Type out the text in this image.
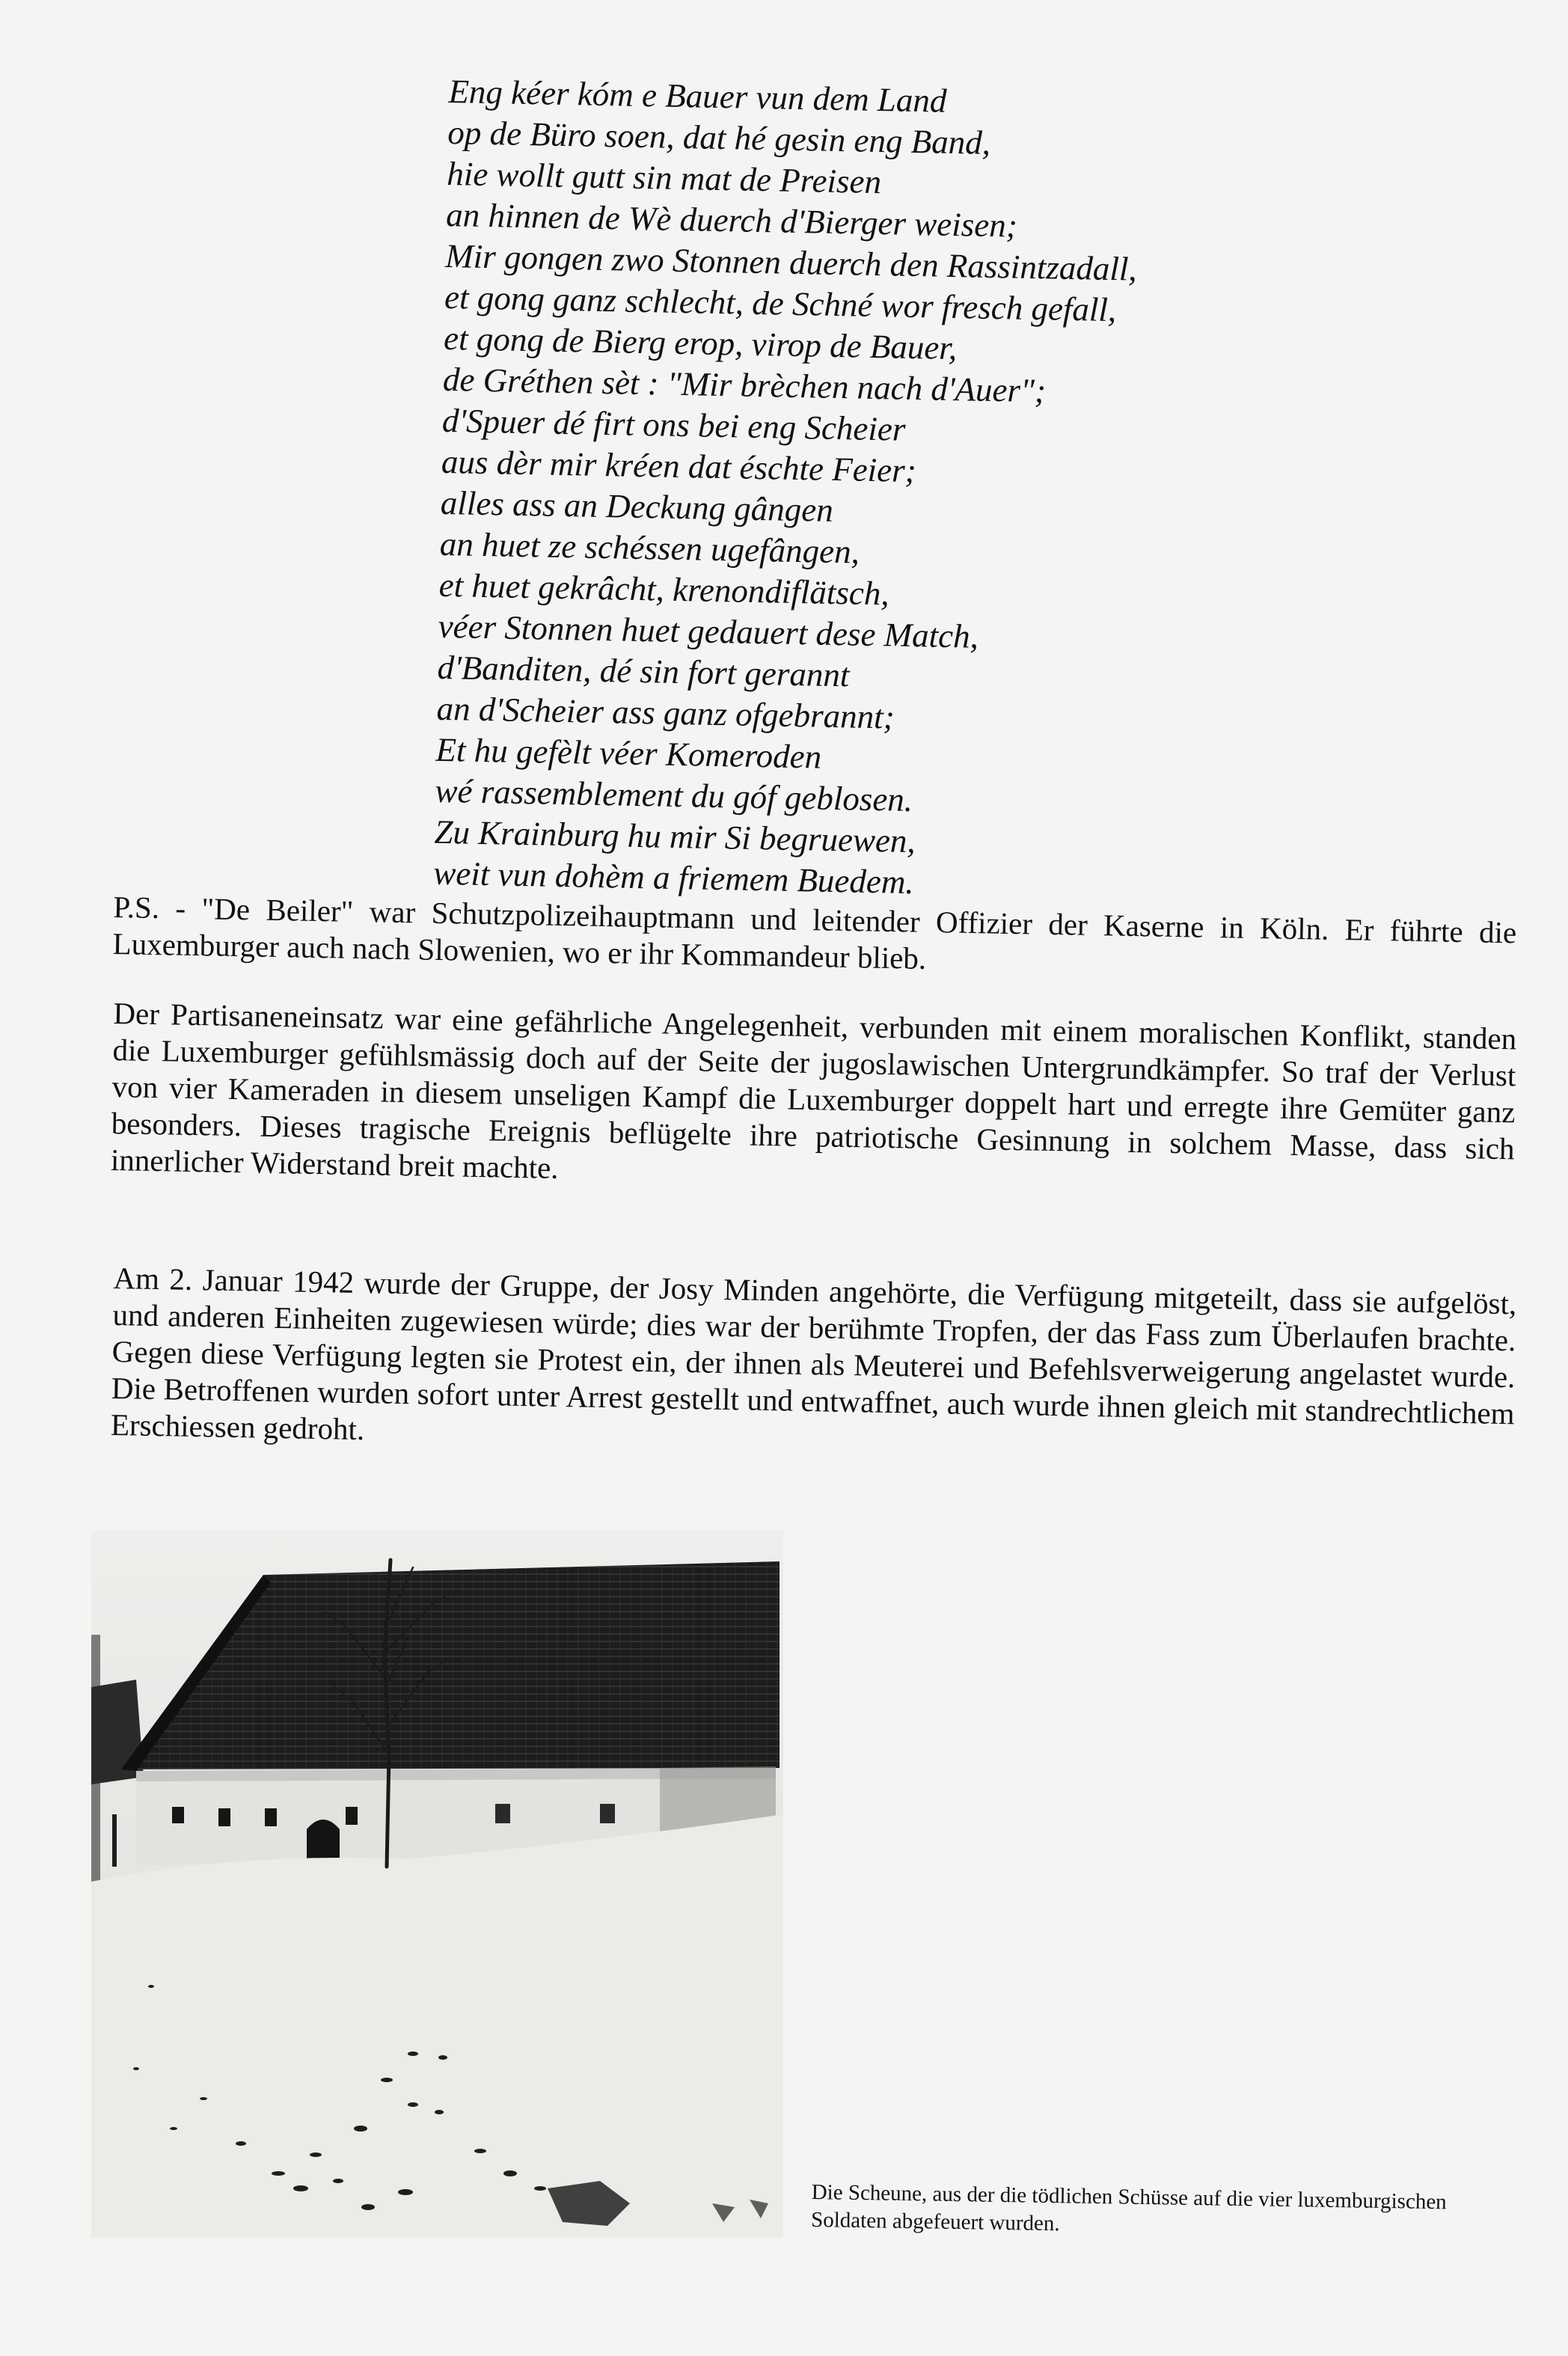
Eng kéer kóm e Bauer vun dem Land
op de Büro soen, dat hé gesin eng Band,
hie wollt gutt sin mat de Preisen
an hinnen de Wè duerch d'Bierger weisen;
Mir gongen zwo Stonnen duerch den Rassintzadall,
et gong ganz schlecht, de Schné wor fresch gefall,
et gong de Bierg erop, virop de Bauer,
de Gréthen sèt : "Mir brèchen nach d'Auer";
d'Spuer dé firt ons bei eng Scheier
aus dèr mir kréen dat éschte Feier;
alles ass an Deckung gângen
an huet ze schéssen ugefângen,
et huet gekrâcht, krenondiflätsch,
véer Stonnen huet gedauert dese Match,
d'Banditen, dé sin fort gerannt
an d'Scheier ass ganz ofgebrannt;
Et hu gefèlt véer Komeroden
wé rassemblement du góf geblosen.
Zu Krainburg hu mir Si begruewen,
weit vun dohèm a friemem Buedem.

P.S. - "De Beiler" war Schutzpolizeihauptmann und leitender Offizier der Kaserne in Köln. Er führte die Luxemburger auch nach Slowenien, wo er ihr Kommandeur blieb.

Der Partisaneneinsatz war eine gefährliche Angelegenheit, verbunden mit einem moralischen Konflikt, standen die Luxemburger gefühlsmässig doch auf der Seite der jugoslawischen Untergrundkämpfer. So traf der Verlust von vier Kameraden in diesem unseligen Kampf die Luxemburger doppelt hart und erregte ihre Gemüter ganz besonders. Dieses tragische Ereignis beflügelte ihre patriotische Gesinnung in solchem Masse, dass sich innerlicher Widerstand breit machte.

Am 2. Januar 1942 wurde der Gruppe, der Josy Minden angehörte, die Verfügung mitgeteilt, dass sie aufgelöst, und anderen Einheiten zugewiesen würde; dies war der berühmte Tropfen, der das Fass zum Überlaufen brachte. Gegen diese Verfügung legten sie Protest ein, der ihnen als Meuterei und Befehlsverweigerung angelastet wurde. Die Betroffenen wurden sofort unter Arrest gestellt und entwaffnet, auch wurde ihnen gleich mit standrechtlichem Erschiessen gedroht.

Die Scheune, aus der die tödlichen Schüsse auf die vier luxemburgischen Soldaten abgefeuert wurden.
